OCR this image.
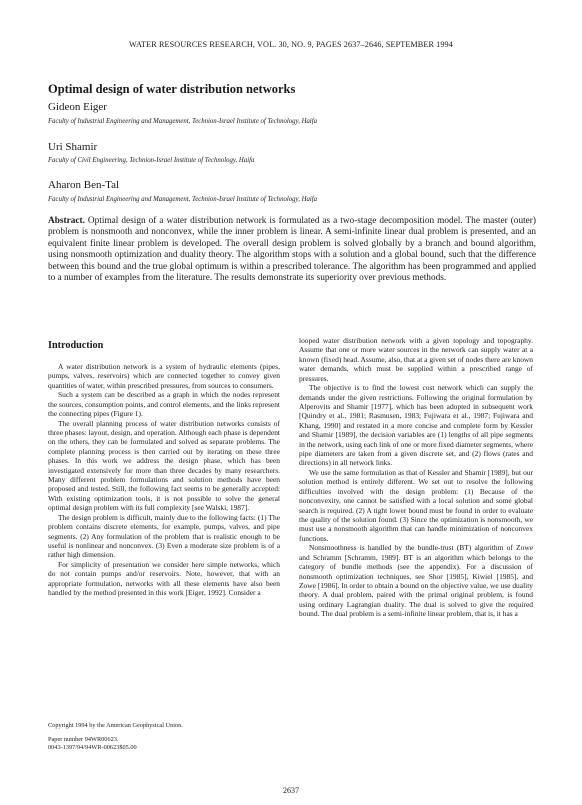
WATER RESOURCES RESEARCH, VOL. 30, NO. 9, PAGES 2637–2646, SEPTEMBER 1994
Optimal design of water distribution networks
Gideon Eiger
Faculty of Industrial Engineering and Management, Technion-Israel Institute of Technology, Haifa
Uri Shamir
Faculty of Civil Engineering, Technion-Israel Institute of Technology, Haifa
Aharon Ben-Tal
Faculty of Industrial Engineering and Management, Technion-Israel Institute of Technology, Haifa
Abstract. Optimal design of a water distribution network is formulated as a two-stage decomposition model. The master (outer) problem is nonsmooth and nonconvex, while the inner problem is linear. A semi-infinite linear dual problem is presented, and an equivalent finite linear problem is developed. The overall design problem is solved globally by a branch and bound algorithm, using nonsmooth optimization and duality theory. The algorithm stops with a solution and a global bound, such that the difference between this bound and the true global optimum is within a prescribed tolerance. The algorithm has been programmed and applied to a number of examples from the literature. The results demonstrate its superiority over previous methods.
Introduction

A water distribution network is a system of hydraulic elements (pipes, pumps, valves, reservoirs) which are connected together to convey given quantities of water, within prescribed pressures, from sources to consumers.

Such a system can be described as a graph in which the nodes represent the sources, consumption points, and control elements, and the links represent the connecting pipes (Figure 1).

The overall planning process of water distribution networks consists of three phases: layout, design, and operation. Although each phase is dependent on the others, they can be formulated and solved as separate problems. The complete planning process is then carried out by iterating on these three phases. In this work we address the design phase, which has been investigated extensively for more than three decades by many researchers. Many different problem formulations and solution methods have been proposed and tested. Still, the following fact seems to be generally accepted: With existing optimization tools, it is not possible to solve the general optimal design problem with its full complexity [see Walski, 1987].

The design problem is difficult, mainly due to the following facts: (1) The problem contains discrete elements, for example, pumps, valves, and pipe segments. (2) Any formulation of the problem that is realistic enough to be useful is nonlinear and nonconvex. (3) Even a moderate size problem is of a rather high dimension.

For simplicity of presentation we consider here simple networks, which do not contain pumps and/or reservoirs. Note, however, that with an appropriate formulation, networks with all these elements have also been handled by the method presented in this work [Eiger, 1992]. Consider a

Copyright 1994 by the American Geophysical Union.
Paper number 94WR00623.
0043-1397/94/94WR-00623$05.00

looped water distribution network with a given topology and topography. Assume that one or more water sources in the network can supply water at a known (fixed) head. Assume, also, that at a given set of nodes there are known water demands, which must be supplied within a prescribed range of pressures.

The objective is to find the lowest cost network which can supply the demands under the given restrictions. Following the original formulation by Alperovits and Shamir [1977], which has been adopted in subsequent work [Quindry et al., 1981; Rasmusen, 1983; Fujiwara et al., 1987; Fujiwara and Khang, 1990] and restated in a more concise and complete form by Kessler and Shamir [1989], the decision variables are (1) lengths of all pipe segments in the network, using each link of one or more fixed diameter segments, where pipe diameters are taken from a given discrete set, and (2) flows (rates and directions) in all network links.

We use the same formulation as that of Kessler and Shamir [1989], but our solution method is entirely different. We set out to resolve the following difficulties involved with the design problem: (1) Because of the nonconvexity, one cannot be satisfied with a local solution and some global search is required. (2) A tight lower bound must be found in order to evaluate the quality of the solution found. (3) Since the optimization is nonsmooth, we must use a nonsmooth algorithm that can handle minimization of nonconvex functions.

Nonsmoothness is handled by the bundle-trust (BT) algorithm of Zowe and Schramm [Schramm, 1989]. BT is an algorithm which belongs to the category of bundle methods (see the appendix). For a discussion of nonsmooth optimization techniques, see Shor [1985], Kiwiel [1985], and Zowe [1986]. In order to obtain a bound on the objective value, we use duality theory. A dual problem, paired with the primal original problem, is found using ordinary Lagrangian duality. The dual is solved to give the required bound. The dual problem is a semi-infinite linear problem, that is, it has a

2637
